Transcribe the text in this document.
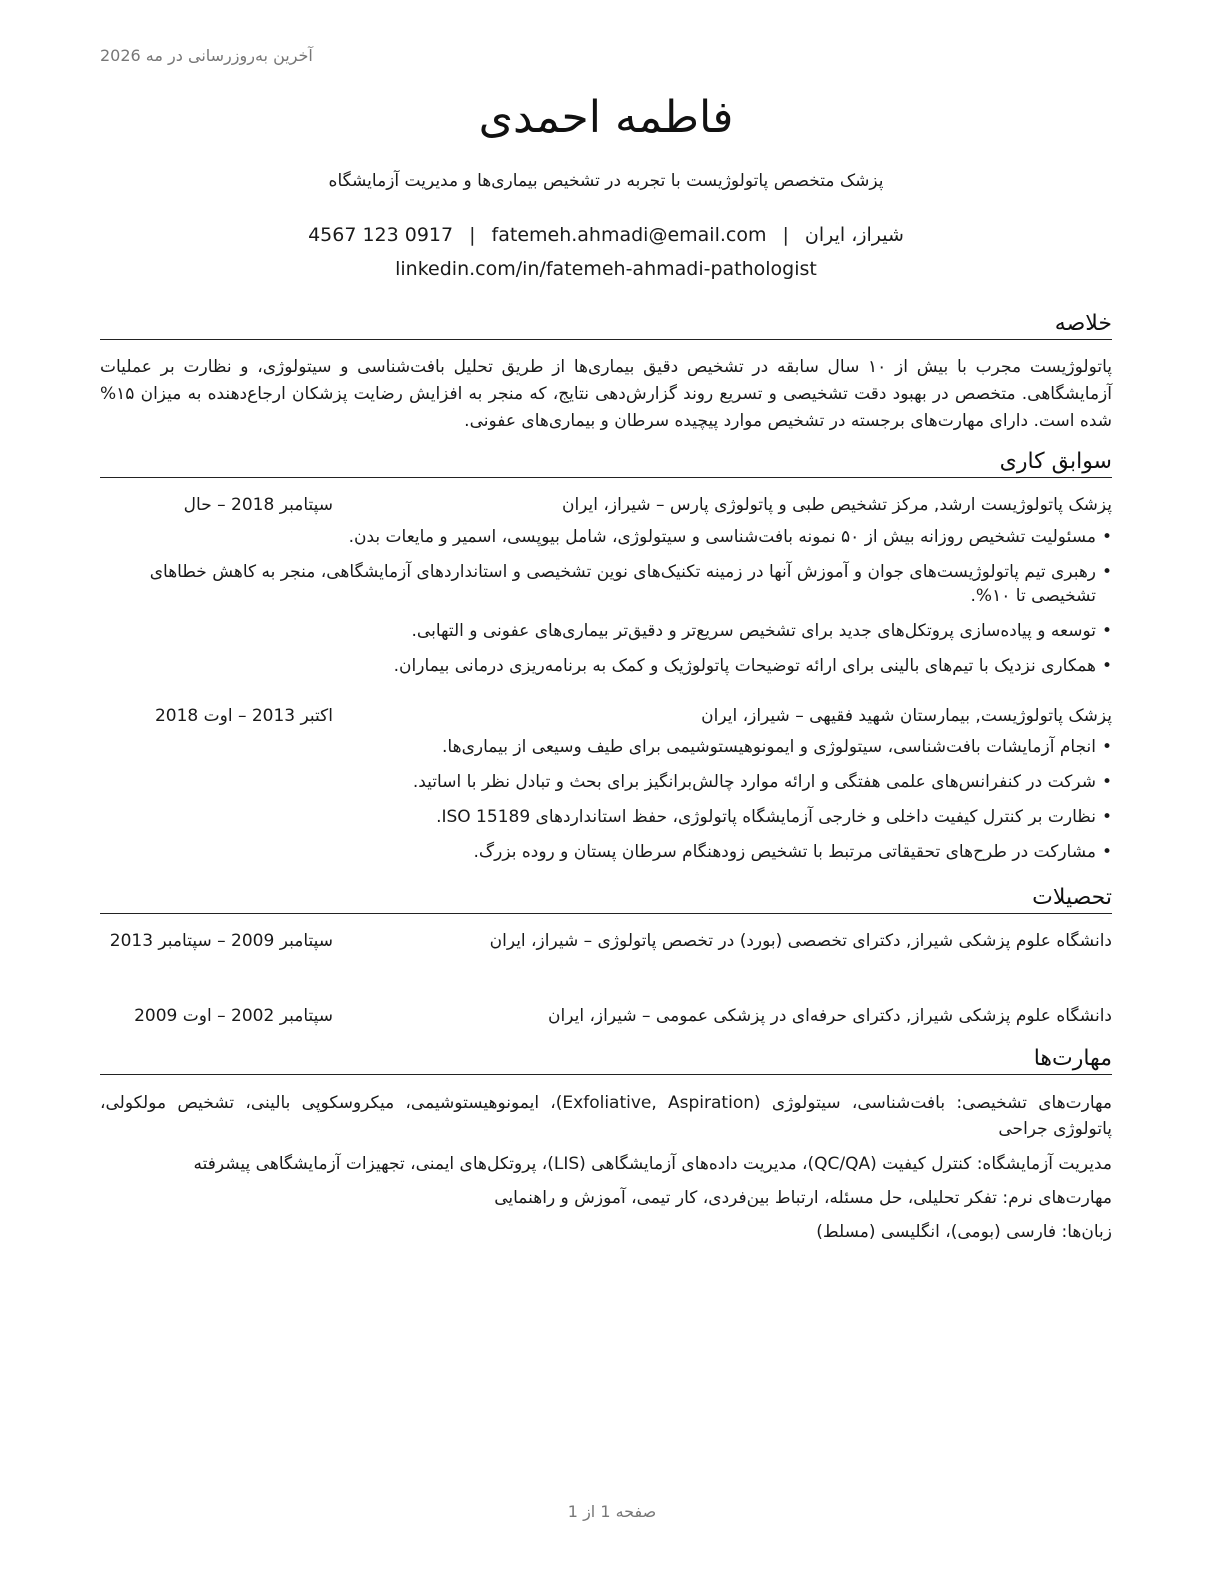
آخرین به‌روزرسانی در مه 2026
فاطمه احمدی
پزشک متخصص پاتولوژیست با تجربه در تشخیص بیماری‌ها و مدیریت آزمایشگاه
شیراز، ایران|fatemeh.ahmadi@email.com|4567 123 0917
linkedin.com/in/fatemeh-ahmadi-pathologist
خلاصه
پاتولوژیست مجرب با بیش از ۱۰ سال سابقه در تشخیص دقیق بیماری‌ها از طریق تحلیل بافت‌شناسی و سیتولوژی، و نظارت بر عملیات آزمایشگاهی. متخصص در بهبود دقت تشخیصی و تسریع روند گزارش‌دهی نتایج، که منجر به افزایش رضایت پزشکان ارجاع‌دهنده به میزان ۱۵% شده است. دارای مهارت‌های برجسته در تشخیص موارد پیچیده سرطان و بیماری‌های عفونی.
سوابق کاری
پزشک پاتولوژیست ارشد, مرکز تشخیص طبی و پاتولوژی پارس – شیراز، ایران
سپتامبر 2018 – حال
• مسئولیت تشخیص روزانه بیش از ۵۰ نمونه بافت‌شناسی و سیتولوژی، شامل بیوپسی، اسمیر و مایعات بدن.
• رهبری تیم پاتولوژیست‌های جوان و آموزش آنها در زمینه تکنیک‌های نوین تشخیصی و استانداردهای آزمایشگاهی، منجر به کاهش خطاهای تشخیصی تا ۱۰%.
• توسعه و پیاده‌سازی پروتکل‌های جدید برای تشخیص سریع‌تر و دقیق‌تر بیماری‌های عفونی و التهابی.
• همکاری نزدیک با تیم‌های بالینی برای ارائه توضیحات پاتولوژیک و کمک به برنامه‌ریزی درمانی بیماران.
پزشک پاتولوژیست, بیمارستان شهید فقیهی – شیراز، ایران
اکتبر 2013 – اوت 2018
• انجام آزمایشات بافت‌شناسی، سیتولوژی و ایمونوهیستوشیمی برای طیف وسیعی از بیماری‌ها.
• شرکت در کنفرانس‌های علمی هفتگی و ارائه موارد چالش‌برانگیز برای بحث و تبادل نظر با اساتید.
• نظارت بر کنترل کیفیت داخلی و خارجی آزمایشگاه پاتولوژی، حفظ استانداردهای ISO 15189.
• مشارکت در طرح‌های تحقیقاتی مرتبط با تشخیص زودهنگام سرطان پستان و روده بزرگ.
تحصیلات
دانشگاه علوم پزشکی شیراز, دکترای تخصصی (بورد) در تخصص پاتولوژی – شیراز، ایران
سپتامبر 2009 – سپتامبر 2013
دانشگاه علوم پزشکی شیراز, دکترای حرفه‌ای در پزشکی عمومی – شیراز، ایران
سپتامبر 2002 – اوت 2009
مهارت‌ها
مهارت‌های تشخیصی: بافت‌شناسی، سیتولوژی (Exfoliative, Aspiration)، ایمونوهیستوشیمی، میکروسکوپی بالینی، تشخیص مولکولی، پاتولوژی جراحی
مدیریت آزمایشگاه: کنترل کیفیت (QC/QA)، مدیریت داده‌های آزمایشگاهی (LIS)، پروتکل‌های ایمنی، تجهیزات آزمایشگاهی پیشرفته
مهارت‌های نرم: تفکر تحلیلی، حل مسئله، ارتباط بین‌فردی، کار تیمی، آموزش و راهنمایی
زبان‌ها: فارسی (بومی)، انگلیسی (مسلط)
صفحه 1 از 1
